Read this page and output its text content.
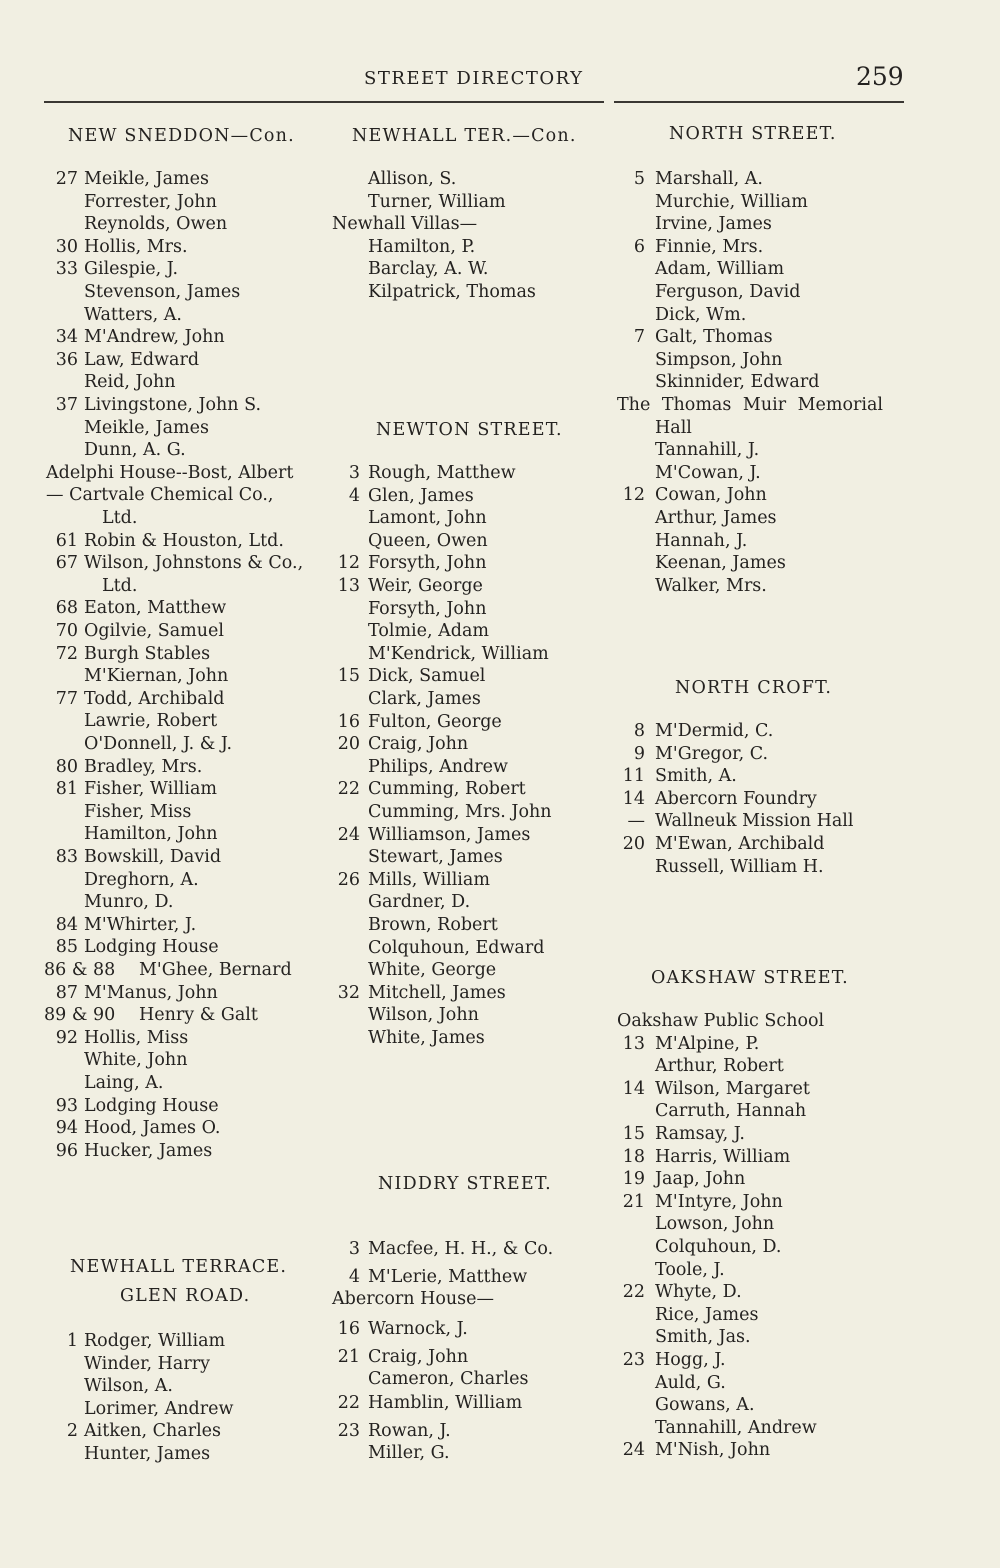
STREET DIRECTORY	259
NEW SNEDDON—Con.
27 Meikle, James
Forrester, John
Reynolds, Owen
30 Hollis, Mrs.
33 Gilespie, J.
Stevenson, James
Watters, A.
34 M'Andrew, John
36 Law, Edward
Reid, John
37 Livingstone, John S.
Meikle, James
Dunn, A. G.
Adelphi House--Bost, Albert
— Cartvale Chemical Co.,
Ltd.
61 Robin & Houston, Ltd.
67 Wilson, Johnstons & Co.,
Ltd.
68 Eaton, Matthew
70 Ogilvie, Samuel
72 Burgh Stables
M'Kiernan, John
77 Todd, Archibald
Lawrie, Robert
O'Donnell, J. & J.
80 Bradley, Mrs.
81 Fisher, William
Fisher, Miss
Hamilton, John
83 Bowskill, David
Dreghorn, A.
Munro, D.
84 M'Whirter, J.
85 Lodging House
86 & 88 M'Ghee, Bernard
87 M'Manus, John
89 & 90 Henry & Galt
92 Hollis, Miss
White, John
Laing, A.
93 Lodging House
94 Hood, James O.
96 Hucker, James
NEWHALL TERRACE.
GLEN ROAD.
1 Rodger, William
Winder, Harry
Wilson, A.
Lorimer, Andrew
2 Aitken, Charles
Hunter, James
NEWHALL TER.—Con.
Allison, S.
Turner, William
Newhall Villas—
Hamilton, P.
Barclay, A. W.
Kilpatrick, Thomas
NEWTON STREET.
3 Rough, Matthew
4 Glen, James
Lamont, John
Queen, Owen
12 Forsyth, John
13 Weir, George
Forsyth, John
Tolmie, Adam
M'Kendrick, William
15 Dick, Samuel
Clark, James
16 Fulton, George
20 Craig, John
Philips, Andrew
22 Cumming, Robert
Cumming, Mrs. John
24 Williamson, James
Stewart, James
26 Mills, William
Gardner, D.
Brown, Robert
Colquhoun, Edward
White, George
32 Mitchell, James
Wilson, John
White, James
NIDDRY STREET.
3 Macfee, H. H., & Co.
4 M'Lerie, Matthew
Abercorn House—
16 Warnock, J.
21 Craig, John
Cameron, Charles
22 Hamblin, William
23 Rowan, J.
Miller, G.
NORTH STREET.
5 Marshall, A.
Murchie, William
Irvine, James
6 Finnie, Mrs.
Adam, William
Ferguson, David
Dick, Wm.
7 Galt, Thomas
Simpson, John
Skinnider, Edward
The Thomas Muir Memorial
Hall
Tannahill, J.
M'Cowan, J.
12 Cowan, John
Arthur, James
Hannah, J.
Keenan, James
Walker, Mrs.
NORTH CROFT.
8 M'Dermid, C.
9 M'Gregor, C.
11 Smith, A.
14 Abercorn Foundry
— Wallneuk Mission Hall
20 M'Ewan, Archibald
Russell, William H.
OAKSHAW STREET.
Oakshaw Public School
13 M'Alpine, P.
Arthur, Robert
14 Wilson, Margaret
Carruth, Hannah
15 Ramsay, J.
18 Harris, William
19 Jaap, John
21 M'Intyre, John
Lowson, John
Colquhoun, D.
Toole, J.
22 Whyte, D.
Rice, James
Smith, Jas.
23 Hogg, J.
Auld, G.
Gowans, A.
Tannahill, Andrew
24 M'Nish, John
